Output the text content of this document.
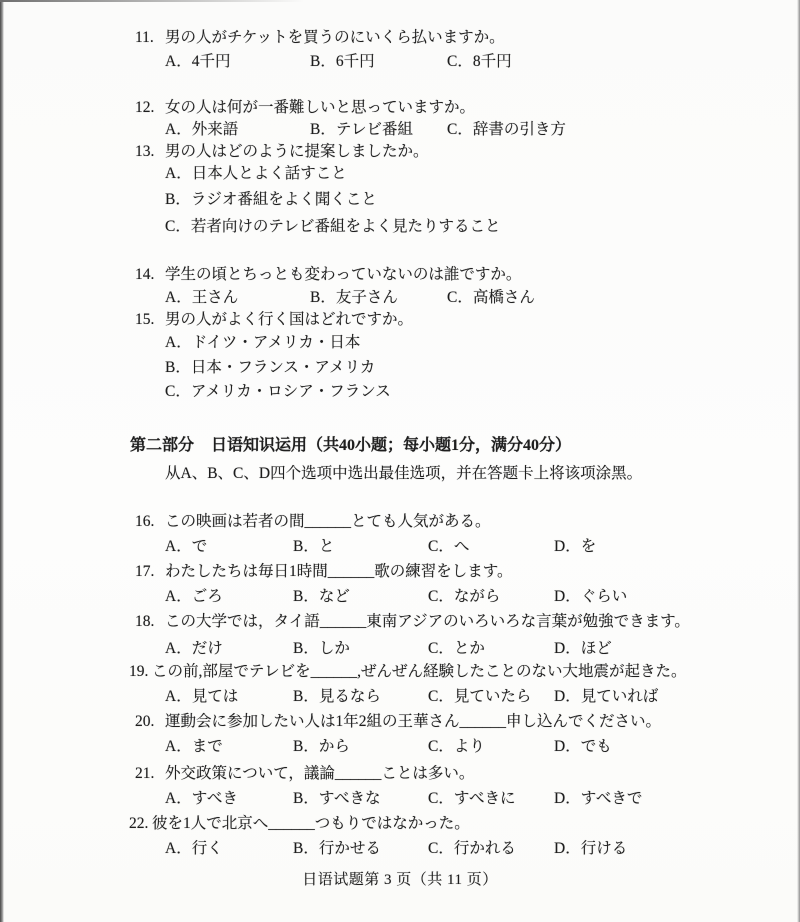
11. 男の人がチケットを買うのにいくら払いますか。
A．4千円	B．6千円	C．8千円
12. 女の人は何が一番難しいと思っていますか。
A．外来語	B．テレビ番組 C．辞書の引き方
13. 男の人はどのように提案しましたか。
A．日本人とよく話すこと
B．ラジオ番組をよく聞くこと
C．若者向けのテレビ番組をよく見たりすること
14. 学生の頃とちっとも変わっていないのは誰ですか。
A．王さん	B．友子さん	C．高橋さん
15. 男の人がよく行く国はどれですか。
A．ドイツ・アメリカ・日本
B．日本・フランス・アメリカ
C．アメリカ・ロシア・フランス
第二部分 日语知识运用（共40小题；每小题1分，满分40分）
从A、B、C、D四个选项中选出最佳选项，并在答题卡上将该项涂黑。
16. この映画は若者の間______とても人気がある。
A．で	B．と	C．へ	D．を
17. わたしたちは毎日1時間______歌の練習をします。
A．ごろ	B．など	C．ながら	D．ぐらい
18. この大学では，タイ語______東南アジアのいろいろな言葉が勉強できます。
A．だけ	B．しか	C．とか	D．ほど
19. この前,部屋でテレビを______,ぜんぜん経験したことのない大地震が起きた。
A．見ては	B．見るなら	C．見ていたら D．見ていれば
20. 運動会に参加したい人は1年2組の王華さん______申し込んでください。
A．まで	B．から	C．より	D．でも
21. 外交政策について，議論______ことは多い。
A．すべき	B．すべきな	C．すべきに D．すべきで
22. 彼を1人で北京へ______つもりではなかった。
A．行く	B．行かせる	C．行かれる D．行ける
日语试题第 3 页（共 11 页）
